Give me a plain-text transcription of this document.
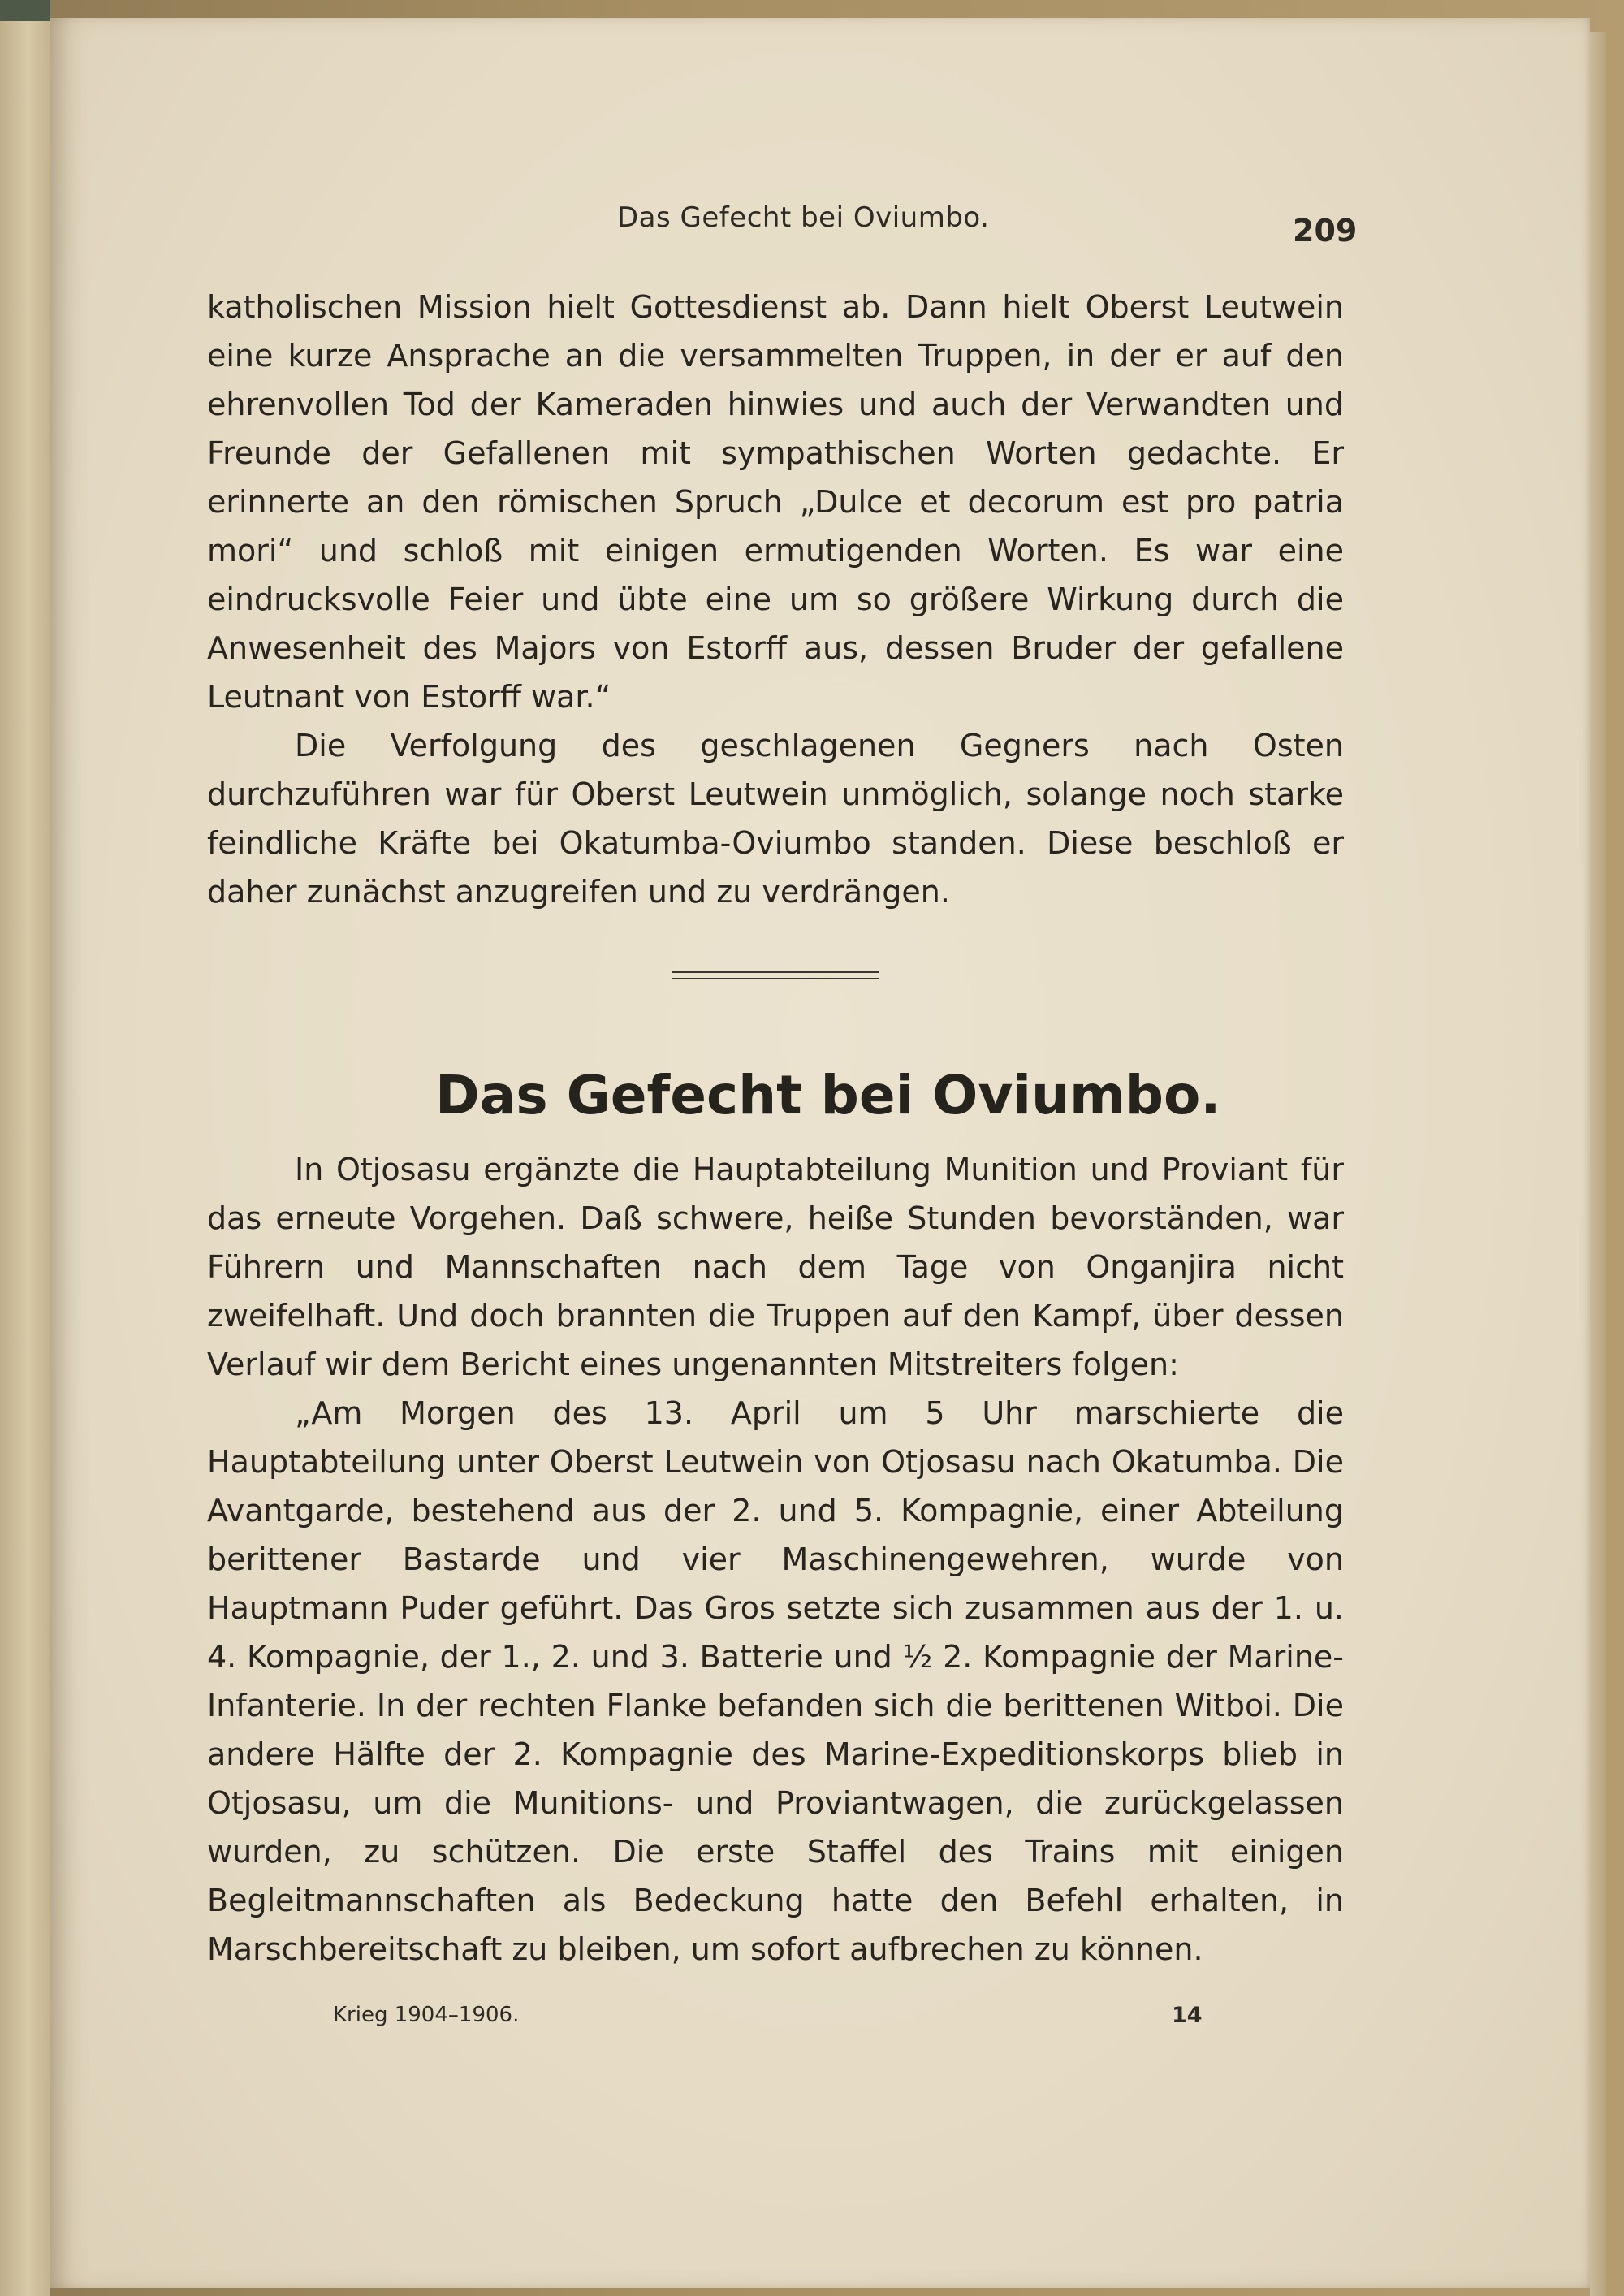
Das Gefecht bei Oviumbo.	209

katholischen Mission hielt Gottesdienst ab. Dann hielt Oberst Leutwein eine kurze Ansprache an die versammelten Truppen, in der er auf den ehrenvollen Tod der Kameraden hinwies und auch der Verwandten und Freunde der Gefallenen mit sympathischen Worten gedachte. Er erinnerte an den römischen Spruch „Dulce et decorum est pro patria mori“ und schloß mit einigen ermutigenden Worten. Es war eine eindrucksvolle Feier und übte eine um so größere Wirkung durch die Anwesenheit des Majors von Estorff aus, dessen Bruder der gefallene Leutnant von Estorff war.“

Die Verfolgung des geschlagenen Gegners nach Osten durchzuführen war für Oberst Leutwein unmöglich, solange noch starke feindliche Kräfte bei Okatumba-Oviumbo standen. Diese beschloß er daher zunächst anzugreifen und zu verdrängen.

Das Gefecht bei Oviumbo.

In Otjosasu ergänzte die Hauptabteilung Munition und Proviant für das erneute Vorgehen. Daß schwere, heiße Stunden bevorständen, war Führern und Mannschaften nach dem Tage von Onganjira nicht zweifelhaft. Und doch brannten die Truppen auf den Kampf, über dessen Verlauf wir dem Bericht eines ungenannten Mitstreiters folgen:

„Am Morgen des 13. April um 5 Uhr marschierte die Hauptabteilung unter Oberst Leutwein von Otjosasu nach Okatumba. Die Avantgarde, bestehend aus der 2. und 5. Kompagnie, einer Abteilung berittener Bastarde und vier Maschinengewehren, wurde von Hauptmann Puder geführt. Das Gros setzte sich zusammen aus der 1. u. 4. Kompagnie, der 1., 2. und 3. Batterie und ½ 2. Kompagnie der Marine-Infanterie. In der rechten Flanke befanden sich die berittenen Witboi. Die andere Hälfte der 2. Kompagnie des Marine-Expeditionskorps blieb in Otjosasu, um die Munitions- und Proviantwagen, die zurückgelassen wurden, zu schützen. Die erste Staffel des Trains mit einigen Begleitmannschaften als Bedeckung hatte den Befehl erhalten, in Marschbereitschaft zu bleiben, um sofort aufbrechen zu können.

Krieg 1904–1906.	14
